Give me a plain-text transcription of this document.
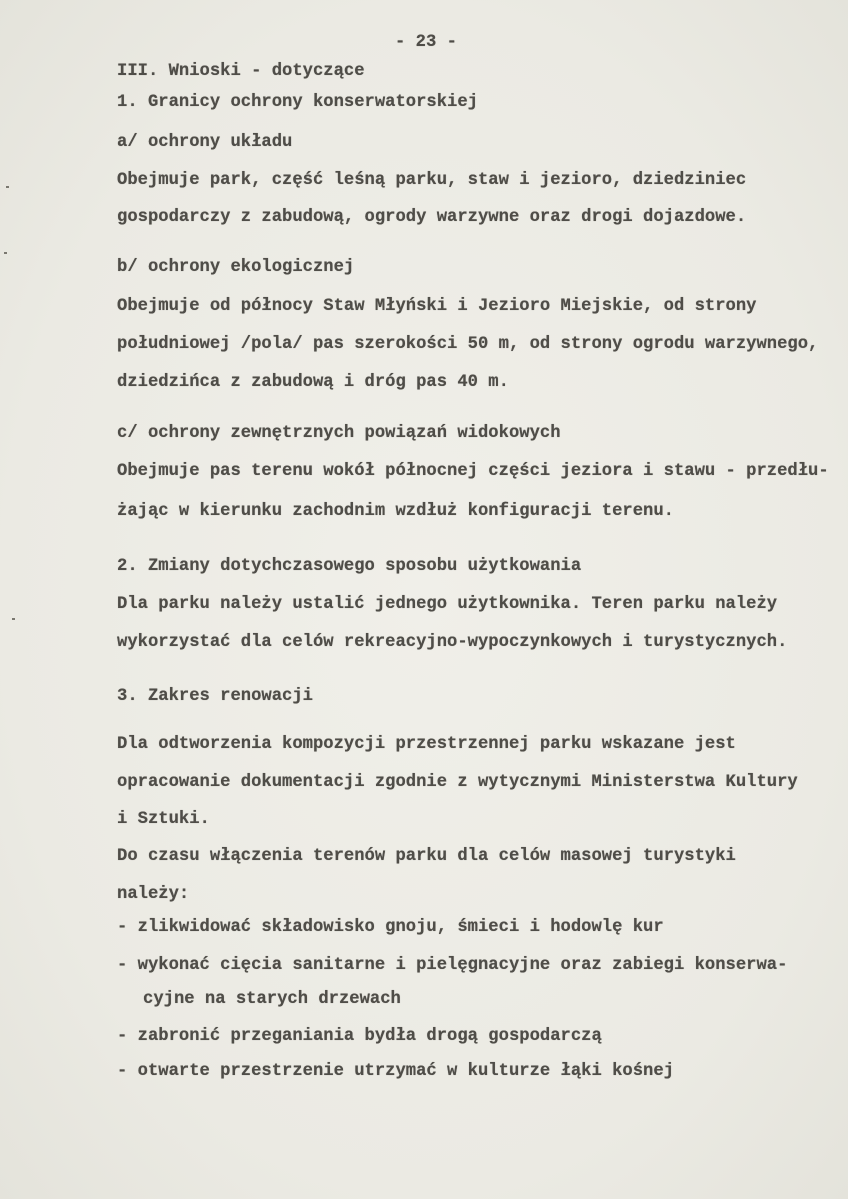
- 23 -
III. Wnioski - dotyczące
1. Granicy ochrony konserwatorskiej
a/ ochrony układu
Obejmuje park, część leśną parku, staw i jezioro, dziedziniec
gospodarczy z zabudową, ogrody warzywne oraz drogi dojazdowe.
b/ ochrony ekologicznej
Obejmuje od północy Staw Młyński i Jezioro Miejskie, od strony
południowej /pola/ pas szerokości 50 m, od strony ogrodu warzywnego,
dziedzińca z zabudową i dróg pas 40 m.
c/ ochrony zewnętrznych powiązań widokowych
Obejmuje pas terenu wokół północnej części jeziora i stawu - przedłu-
żając w kierunku zachodnim wzdłuż konfiguracji terenu.
2. Zmiany dotychczasowego sposobu użytkowania
Dla parku należy ustalić jednego użytkownika. Teren parku należy
wykorzystać dla celów rekreacyjno-wypoczynkowych i turystycznych.
3. Zakres renowacji
Dla odtworzenia kompozycji przestrzennej parku wskazane jest
opracowanie dokumentacji zgodnie z wytycznymi Ministerstwa Kultury
i Sztuki.
Do czasu włączenia terenów parku dla celów masowej turystyki
należy:
- zlikwidować składowisko gnoju, śmieci i hodowlę kur
- wykonać cięcia sanitarne i pielęgnacyjne oraz zabiegi konserwa-
cyjne na starych drzewach
- zabronić przeganiania bydła drogą gospodarczą
- otwarte przestrzenie utrzymać w kulturze łąki kośnej
